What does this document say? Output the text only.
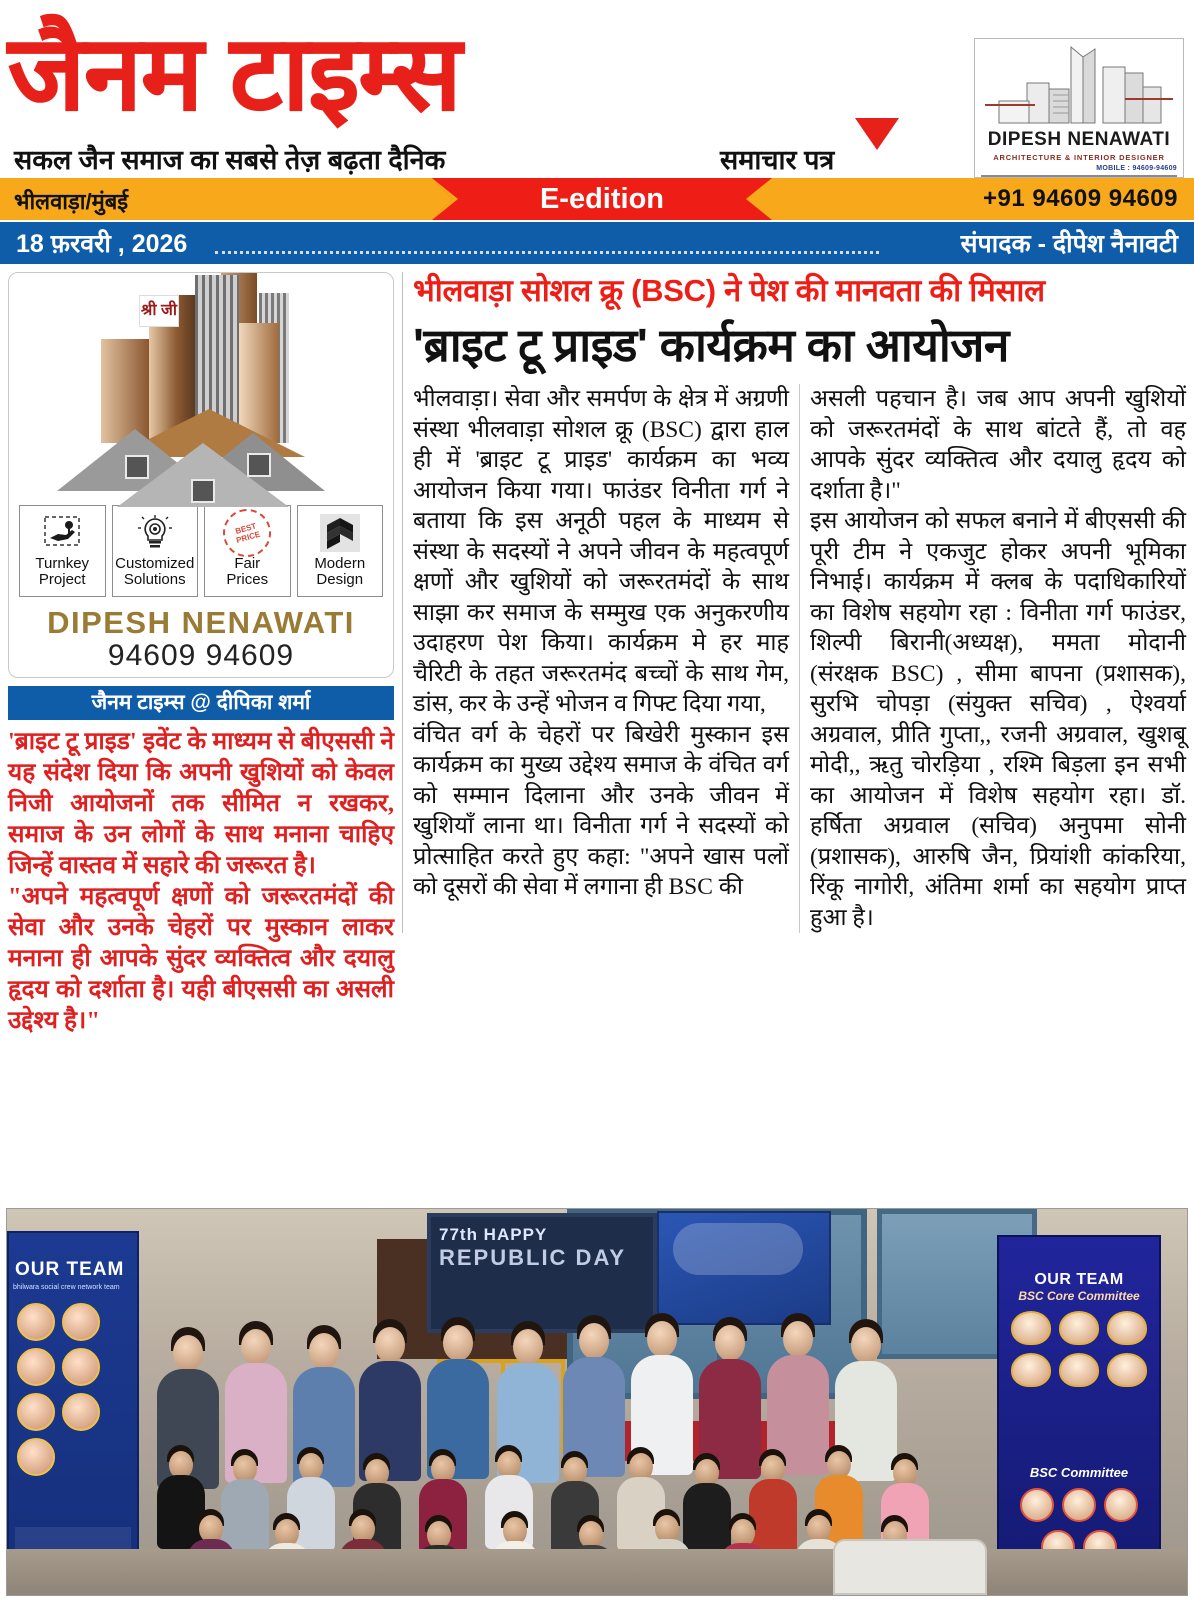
जैनम टाइम्स
सकल जैन समाज का सबसे तेज़ बढ़ता दैनिक	समाचार पत्र
DIPESH NENAWATI
ARCHITECTURE & INTERIOR DESIGNER
MOBILE : 94609-94609
भीलवाड़ा/मुंबई	E-edition	+91 94609 94609
18 फ़रवरी , 2026	संपादक - दीपेश नैनावटी
श्री जी
Turnkey
Project
Customized
Solutions
BEST PRICE
Fair
Prices
Modern
Design
DIPESH NENAWATI
94609 94609
जैनम टाइम्स @ दीपिका शर्मा

'ब्राइट टू प्राइड' इवेंट के माध्यम से बीएससी ने यह संदेश दिया कि अपनी खुशियों को केवल निजी आयोजनों तक सीमित न रखकर, समाज के उन लोगों के साथ मनाना चाहिए जिन्हें वास्तव में सहारे की जरूरत है।

"अपने महत्वपूर्ण क्षणों को जरूरतमंदों की सेवा और उनके चेहरों पर मुस्कान लाकर मनाना ही आपके सुंदर व्यक्तित्व और दयालु हृदय को दर्शाता है। यही बीएससी का असली उद्देश्य है।"

भीलवाड़ा सोशल क्रू (BSC) ने पेश की मानवता की मिसाल
'ब्राइट टू प्राइड' कार्यक्रम का आयोजन

भीलवाड़ा। सेवा और समर्पण के क्षेत्र में अग्रणी संस्था भीलवाड़ा सोशल क्रू (BSC) द्वारा हाल ही में 'ब्राइट टू प्राइड' कार्यक्रम का भव्य आयोजन किया गया। फाउंडर विनीता गर्ग ने बताया कि इस अनूठी पहल के माध्यम से संस्था के सदस्यों ने अपने जीवन के महत्वपूर्ण क्षणों और खुशियों को जरूरतमंदों के साथ साझा कर समाज के सम्मुख एक अनुकरणीय उदाहरण पेश किया। कार्यक्रम मे हर माह चैरिटी के तहत जरूरतमंद बच्चों के साथ गेम, डांस, कर के उन्हें भोजन व गिफ्ट दिया गया,

वंचित वर्ग के चेहरों पर बिखेरी मुस्कान इस कार्यक्रम का मुख्य उद्देश्य समाज के वंचित वर्ग को सम्मान दिलाना और उनके जीवन में खुशियाँ लाना था। विनीता गर्ग ने सदस्यों को प्रोत्साहित करते हुए कहा: "अपने खास पलों को दूसरों की सेवा में लगाना ही BSC की

असली पहचान है। जब आप अपनी खुशियों को जरूरतमंदों के साथ बांटते हैं, तो वह आपके सुंदर व्यक्तित्व और दयालु हृदय को दर्शाता है।"

इस आयोजन को सफल बनाने में बीएससी की पूरी टीम ने एकजुट होकर अपनी भूमिका निभाई। कार्यक्रम में क्लब के पदाधिकारियों का विशेष सहयोग रहा : विनीता गर्ग फाउंडर, शिल्पी बिरानी(अध्यक्ष), ममता मोदानी (संरक्षक BSC) , सीमा बापना (प्रशासक), सुरभि चोपड़ा (संयुक्त सचिव) , ऐश्वर्या अग्रवाल, प्रीति गुप्ता,, रजनी अग्रवाल, खुशबू मोदी,, ऋतु चोरड़िया , रश्मि बिड़ला इन सभी का आयोजन में विशेष सहयोग रहा। डॉ. हर्षिता अग्रवाल (सचिव) अनुपमा सोनी (प्रशासक), आरुषि जैन, प्रियांशी कांकरिया, रिंकू नागोरी, अंतिमा शर्मा का सहयोग प्राप्त हुआ है।

77th HAPPY
REPUBLIC DAY
OUR TEAM
bhilwara social crew network team	OUR TEAM
BSC Core Committee
BSC Committee
